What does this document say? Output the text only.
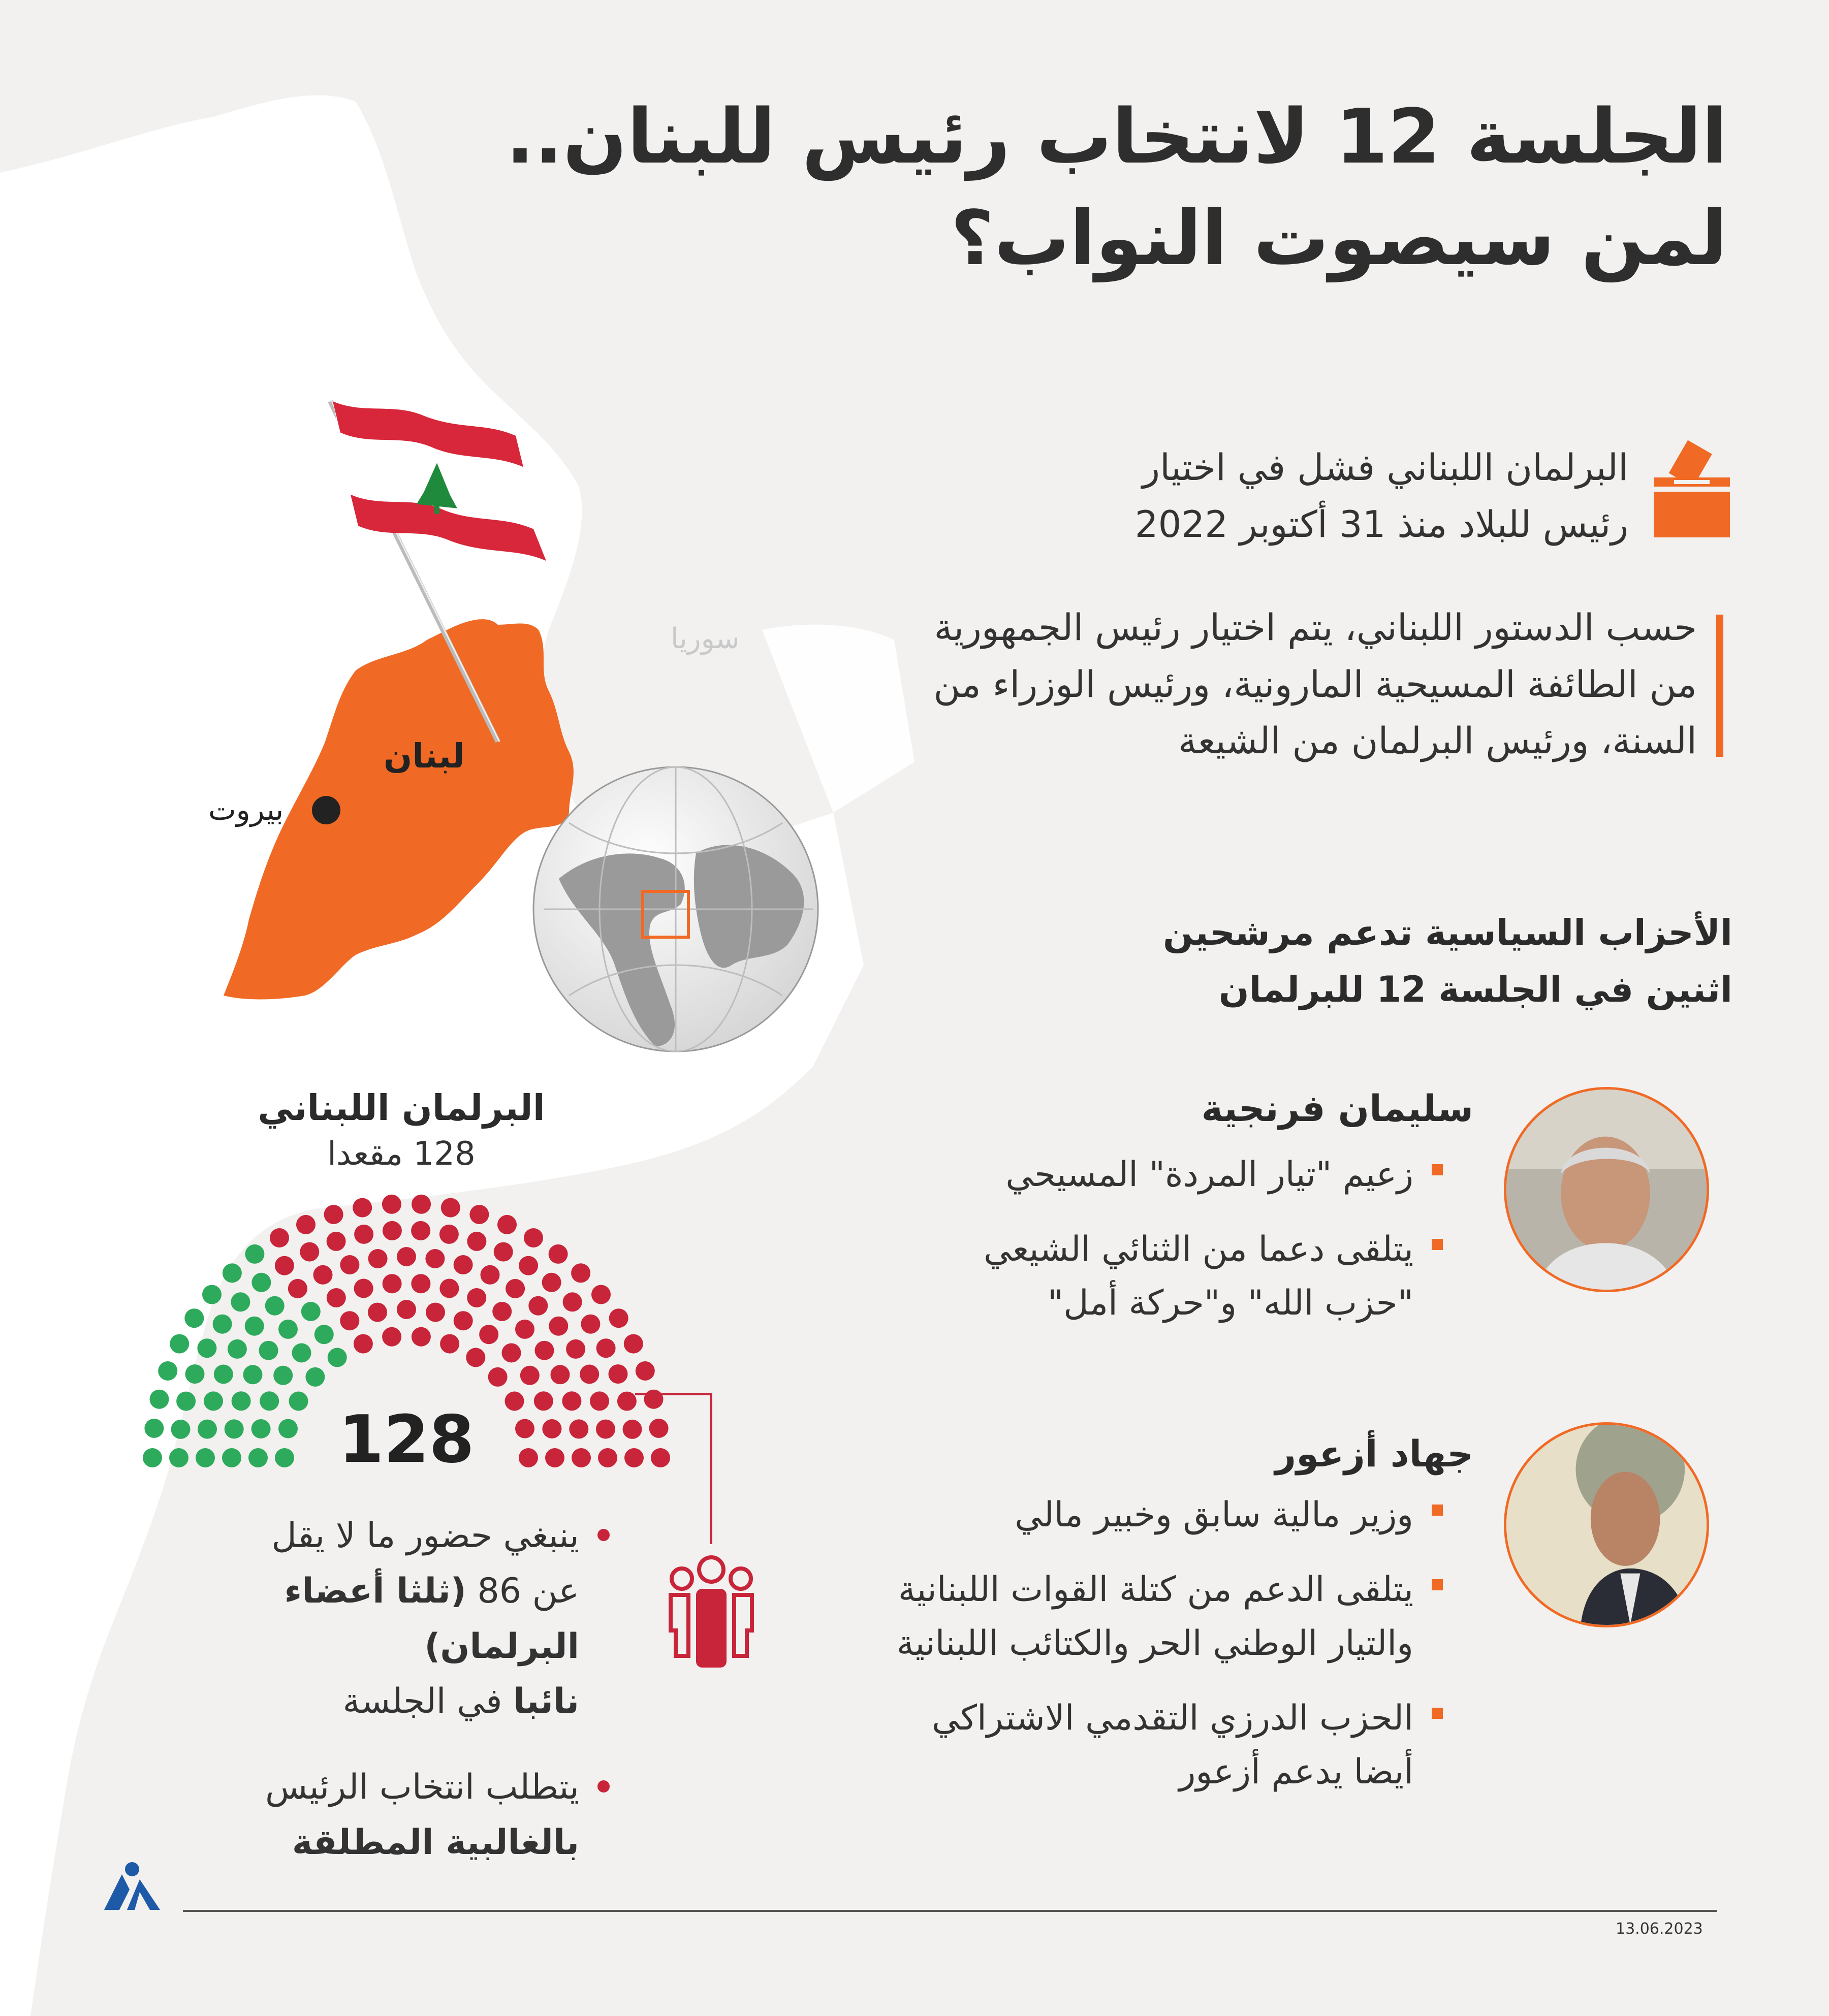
الجلسة 12 لانتخاب رئيس للبنان..
لمن سيصوت النواب؟
البرلمان اللبناني فشل في اختيار
رئيس للبلاد منذ 31 أكتوبر 2022
حسب الدستور اللبناني، يتم اختيار رئيس الجمهورية
من الطائفة المسيحية المارونية، ورئيس الوزراء من
السنة، ورئيس البرلمان من الشيعة
سوريا
لبنان
بيروت
الأحزاب السياسية تدعم مرشحين
اثنين في الجلسة 12 للبرلمان
سليمان فرنجية
زعيم "تيار المردة" المسيحي
يتلقى دعما من الثنائي الشيعي "حزب الله" و"حركة أمل"
جهاد أزعور
وزير مالية سابق وخبير مالي
يتلقى الدعم من كتلة القوات اللبنانية والتيار الوطني الحر والكتائب اللبنانية
الحزب الدرزي التقدمي الاشتراكي أيضا يدعم أزعور
البرلمان اللبناني
128 مقعدا
128
ينبغي حضور ما لا يقل
عن 86 (ثلثا أعضاء البرلمان)
نائبا في الجلسة
يتطلب انتخاب الرئيس
بالغالبية المطلقة
AA
13.06.2023
